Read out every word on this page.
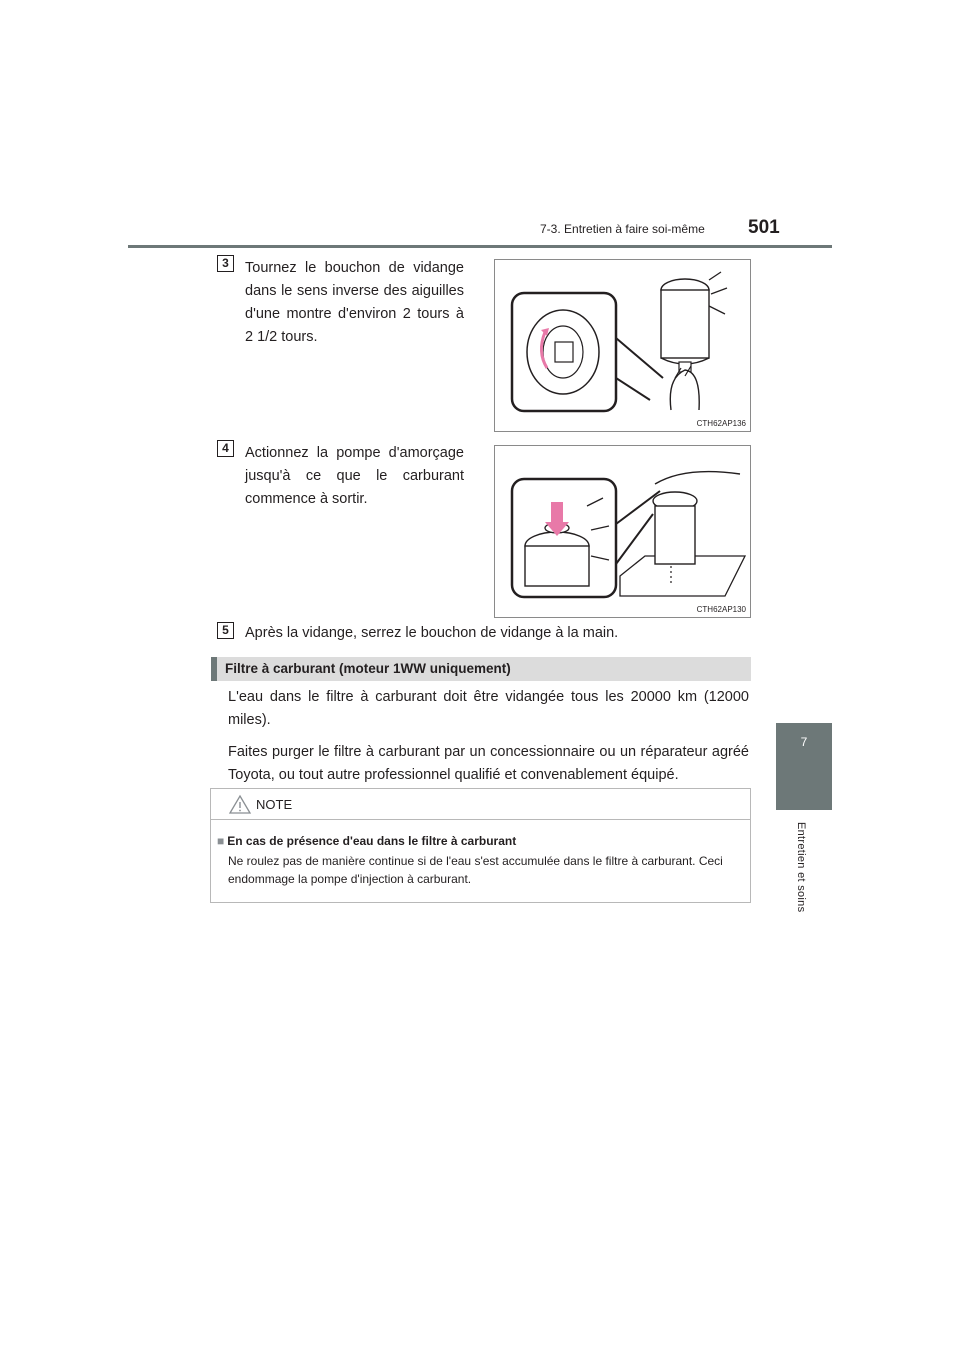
7-3. Entretien à faire soi-même 501
7
Entretien et soins
3	Tournez le bouchon de vidange dans le sens inverse des aiguilles d'une montre d'environ 2 tours à 2 1/2 tours.
CTH62AP136
4	Actionnez la pompe d'amorçage jusqu'à ce que le carburant commence à sortir.
CTH62AP130
5	Après la vidange, serrez le bouchon de vidange à la main.
Filtre à carburant (moteur 1WW uniquement)
L'eau dans le filtre à carburant doit être vidangée tous les 20000 km (12000 miles).
Faites purger le filtre à carburant par un concessionnaire ou un réparateur agréé Toyota, ou tout autre professionnel qualifié et convenablement équipé.
NOTE
■ En cas de présence d'eau dans le filtre à carburant
Ne roulez pas de manière continue si de l'eau s'est accumulée dans le filtre à carburant. Ceci endommage la pompe d'injection à carburant.
